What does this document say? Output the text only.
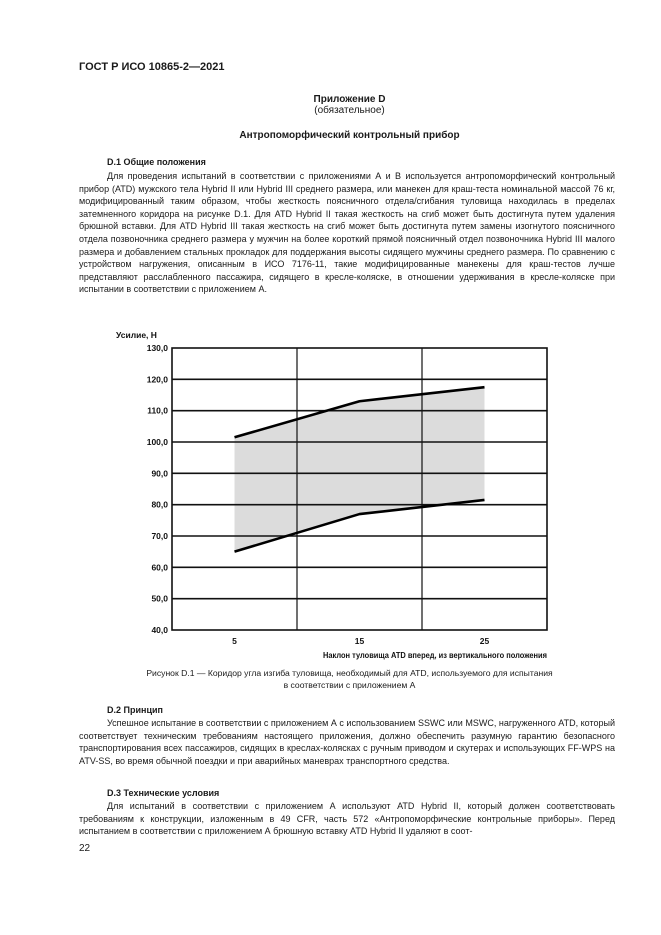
ГОСТ Р ИСО 10865-2—2021
Приложение D
(обязательное)
Антропоморфический контрольный прибор
D.1 Общие положения
Для проведения испытаний в соответствии с приложениями А и В используется антропоморфический контрольный прибор (ATD) мужского тела Hybrid II или Hybrid III среднего размера, или манекен для краш-теста номинальной массой 76 кг, модифицированный таким образом, чтобы жесткость поясничного отдела/сгибания туловища находилась в пределах затемненного коридора на рисунке D.1. Для ATD Hybrid II такая жесткость на сгиб может быть достигнута путем удаления брюшной вставки. Для ATD Hybrid III такая жесткость на сгиб может быть достигнута путем замены изогнутого поясничного отдела позвоночника среднего размера у мужчин на более короткий прямой поясничный отдел позвоночника Hybrid III малого размера и добавлением стальных прокладок для поддержания высоты сидящего мужчины среднего размера. По сравнению с устройством нагружения, описанным в ИСО 7176-11, такие модифицированные манекены для краш-тестов лучше представляют расслабленного пассажира, сидящего в кресле-коляске, в отношении удерживания в кресле-коляске при испытании в соответствии с приложением А.
130,0
120,0
110,0
100,0
90,0
80,0
70,0
60,0
50,0
40,0
5	15	25
Усилие, Н
Наклон туловища ATD вперед, из вертикального положения
Рисунок D.1 — Коридор угла изгиба туловища, необходимый для ATD, используемого для испытания
в соответствии с приложением А
D.2 Принцип
Успешное испытание в соответствии с приложением А с использованием SSWC или MSWC, нагруженного ATD, который соответствует техническим требованиям настоящего приложения, должно обеспечить разумную гарантию безопасного транспортирования всех пассажиров, сидящих в креслах-колясках с ручным приводом и скутерах и использующих FF-WPS на ATV-SS, во время обычной поездки и при аварийных маневрах транспортного средства.
D.3 Технические условия
Для испытаний в соответствии с приложением А используют ATD Hybrid II, который должен соответствовать требованиям к конструкции, изложенным в 49 CFR, часть 572 «Антропоморфические контрольные приборы». Перед испытанием в соответствии с приложением А брюшную вставку ATD Hybrid II удаляют в соот-
22
